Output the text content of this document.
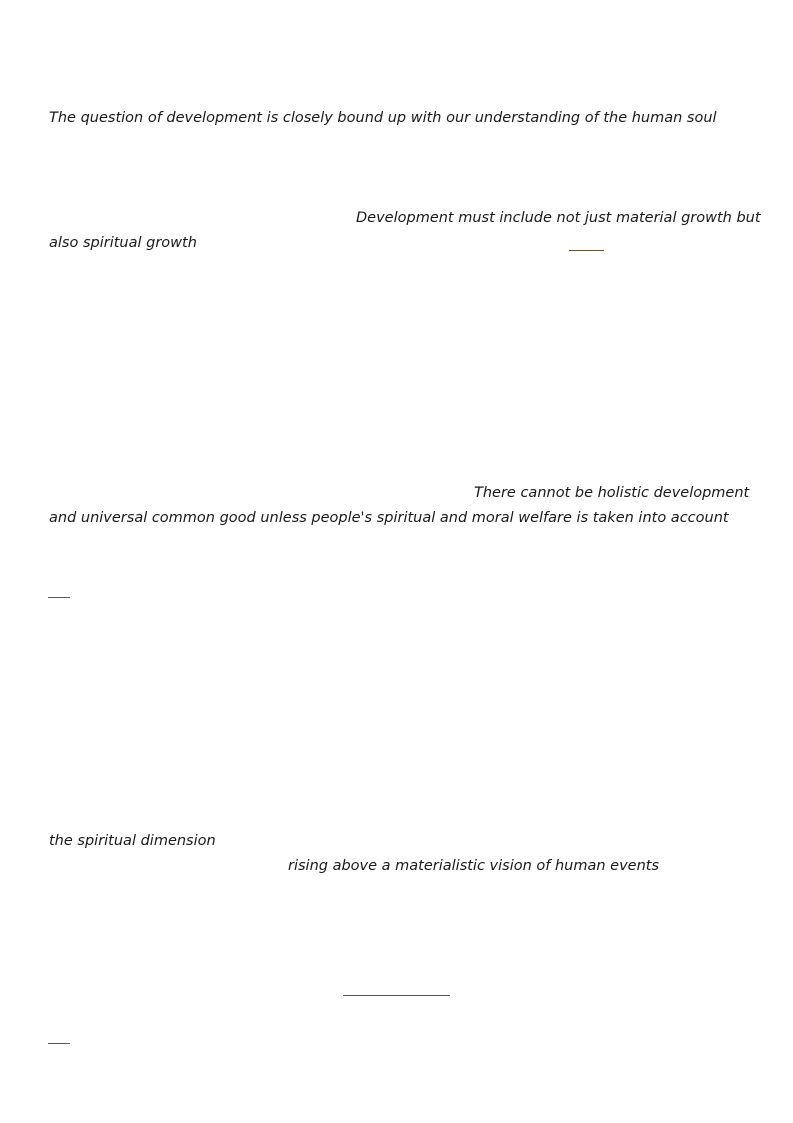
The question of development is closely bound up with our understanding of the human soul
Development must include not just material growth but
also spiritual growth
There cannot be holistic development
and universal common good unless people's spiritual and moral welfare is taken into account
the spiritual dimension
rising above a materialistic vision of human events
